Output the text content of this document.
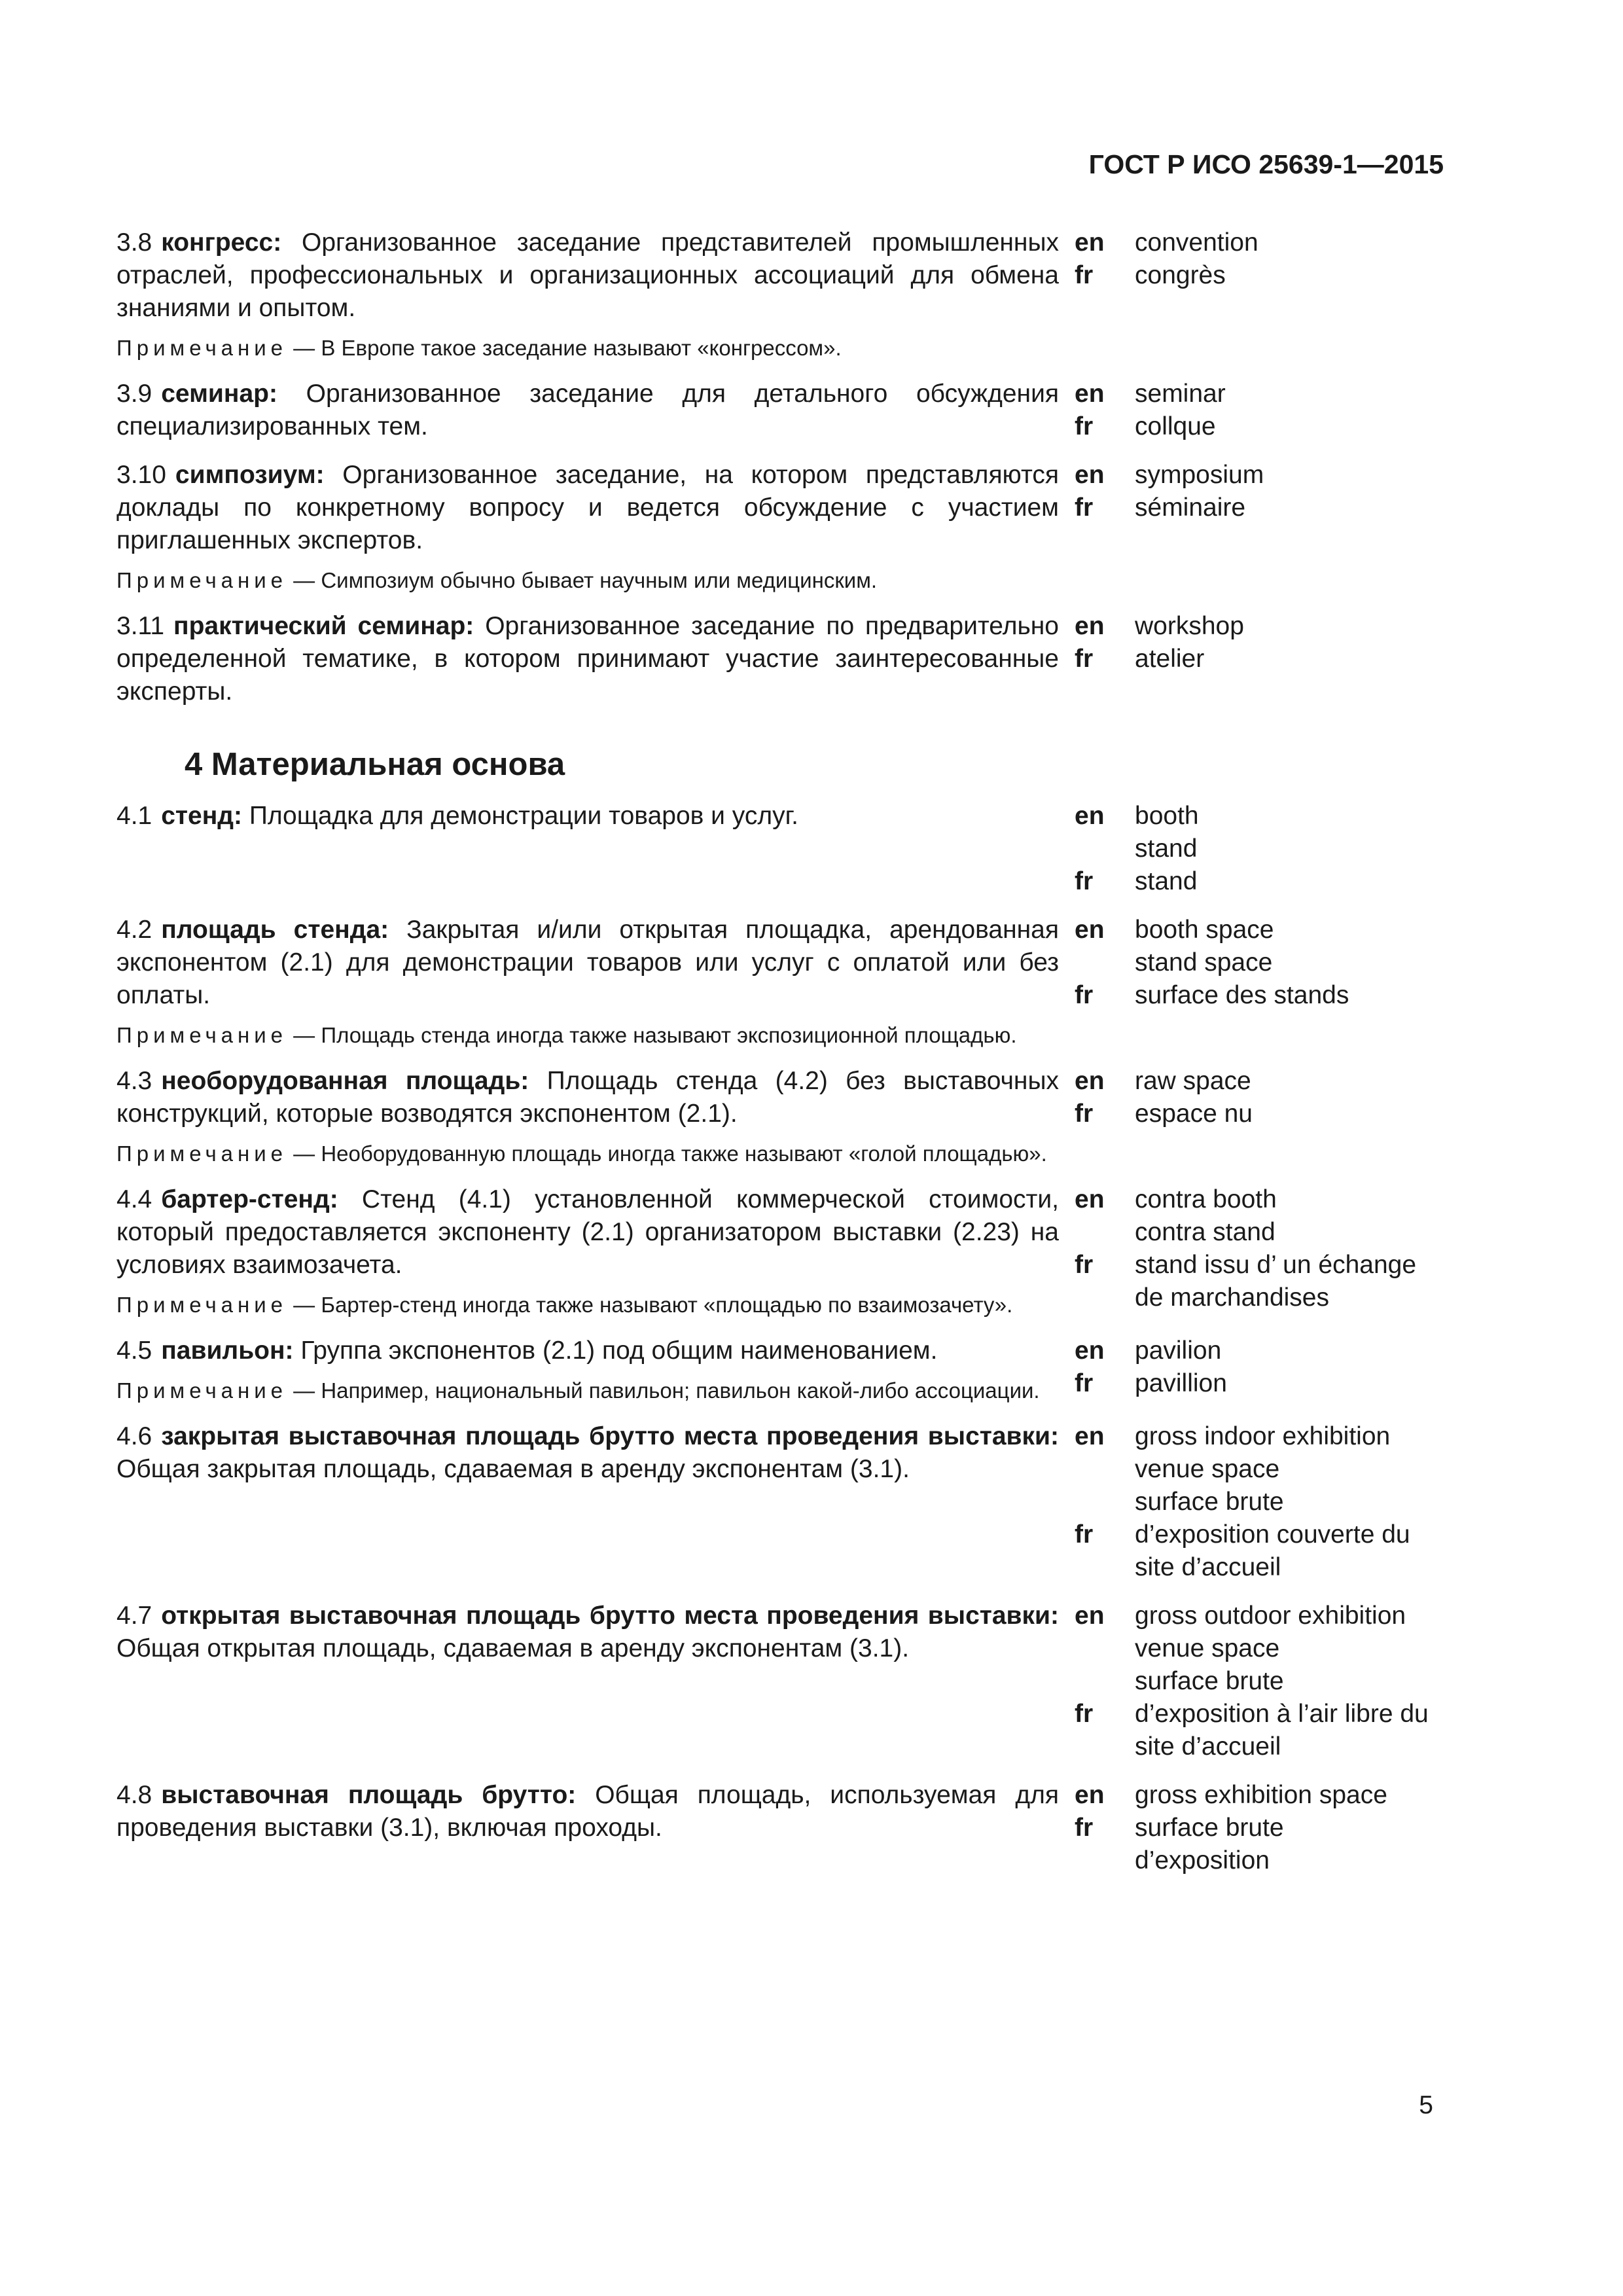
ГОСТ Р ИСО 25639-1—2015
3.8 конгресс: Организованное заседание представителей промышленных отраслей, профессиональных и организационных ассоциаций для обмена знаниями и опытом.
Примечание — В Европе такое заседание называют «конгрессом».
en
fr
convention
congrès
3.9 семинар: Организованное заседание для детального обсуждения специализированных тем.
en
fr
seminar
collque
3.10 симпозиум: Организованное заседание, на котором представляются доклады по конкретному вопросу и ведется обсуждение с участием приглашенных экспертов.
Примечание — Симпозиум обычно бывает научным или медицинским.
en
fr
symposium
séminaire
3.11 практический семинар: Организованное заседание по предварительно определенной тематике, в котором принимают участие заинтересованные эксперты.
en
fr
workshop
atelier
4 Материальная основа
4.1 стенд: Площадка для демонстрации товаров и услуг.	en

fr
booth
stand
stand
4.2 площадь стенда: Закрытая и/или открытая площадка, арендованная экспонентом (2.1) для демонстрации товаров или услуг с оплатой или без оплаты.
Примечание — Площадь стенда иногда также называют экспозиционной площадью.
en

fr
booth space
stand space
surface des stands
4.3 необорудованная площадь: Площадь стенда (4.2) без выставочных конструкций, которые возводятся экспонентом (2.1).
Примечание — Необорудованную площадь иногда также называют «голой площадью».
en
fr
raw space
espace nu
4.4 бартер-стенд: Стенд (4.1) установленной коммерческой стоимости, который предоставляется экспоненту (2.1) организатором выставки (2.23) на условиях взаимозачета.
Примечание — Бартер-стенд иногда также называют «площадью по взаимозачету».
en

fr

contra booth
contra stand
stand issu d’ un échange
de marchandises
4.5 павильон: Группа экспонентов (2.1) под общим наименованием.
Примечание — Например, национальный павильон; павильон какой-либо ассоциации.
en
fr
pavilion
pavillion
4.6 закрытая выставочная площадь брутто места проведения выставки: Общая закрытая площадь, сдаваемая в аренду экспонентам (3.1).
en

fr

gross indoor exhibition
venue space
surface brute
d’exposition couverte du
site d’accueil
4.7 открытая выставочная площадь брутто места проведения выставки: Общая открытая площадь, сдаваемая в аренду экспонентам (3.1).
en

fr

gross outdoor exhibition
venue space
surface brute
d’exposition à l’air libre du
site d’accueil
4.8 выставочная площадь брутто: Общая площадь, используемая для проведения выставки (3.1), включая проходы.
en
fr

gross exhibition space
surface brute
d’exposition
5
